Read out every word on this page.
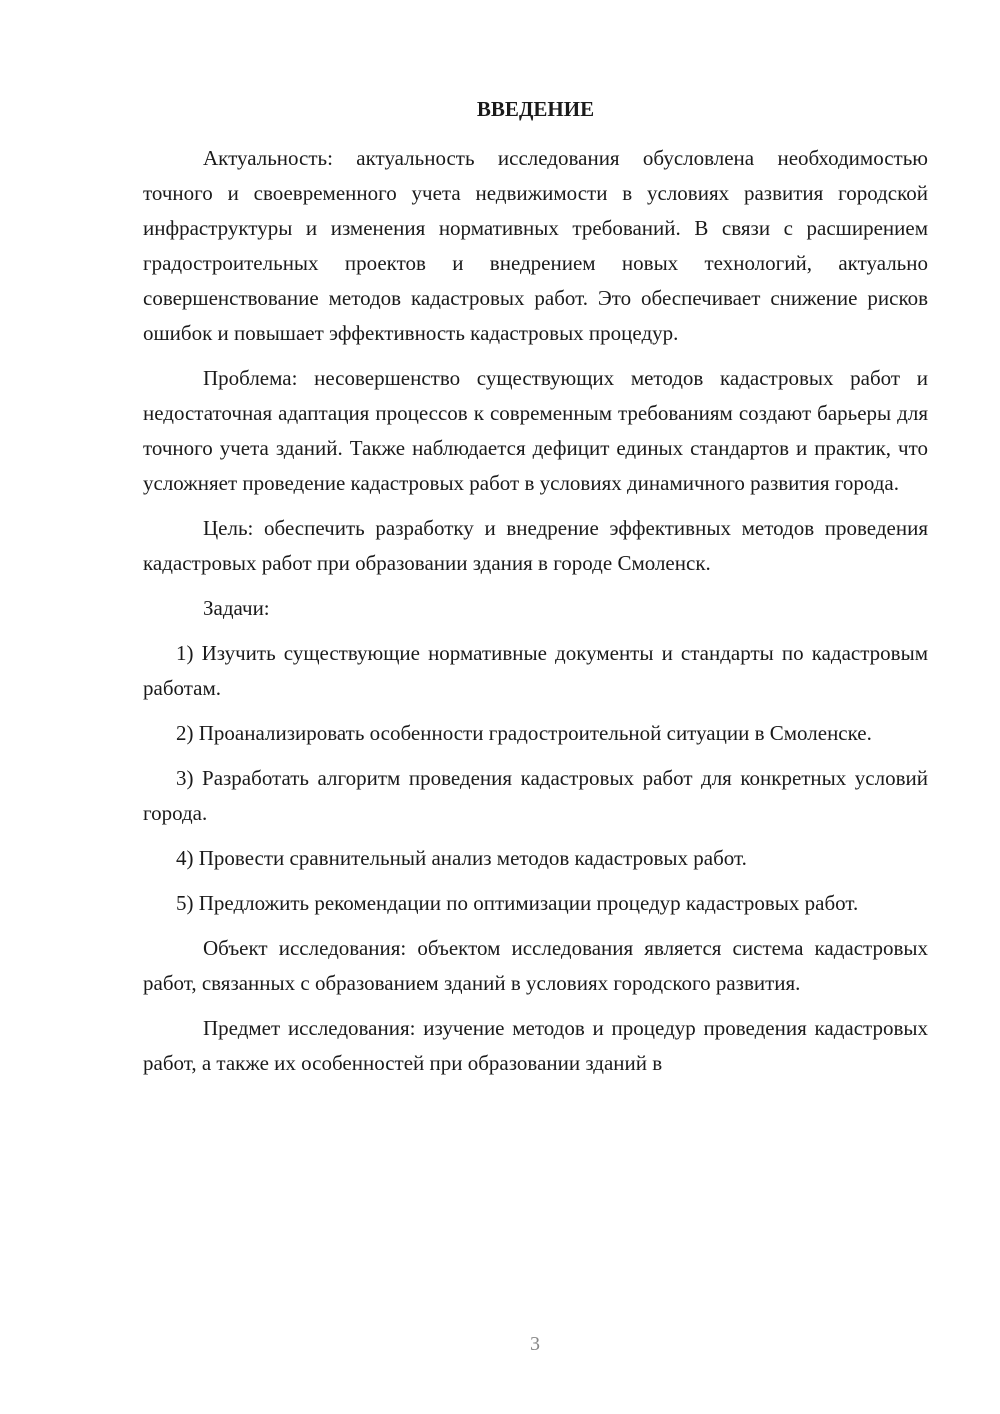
ВВЕДЕНИЕ

Актуальность: актуальность исследования обусловлена необходимостью точного и своевременного учета недвижимости в условиях развития городской инфраструктуры и изменения нормативных требований. В связи с расширением градостроительных проектов и внедрением новых технологий, актуально совершенствование методов кадастровых работ. Это обеспечивает снижение рисков ошибок и повышает эффективность кадастровых процедур.

Проблема: несовершенство существующих методов кадастровых работ и недостаточная адаптация процессов к современным требованиям создают барьеры для точного учета зданий. Также наблюдается дефицит единых стандартов и практик, что усложняет проведение кадастровых работ в условиях динамичного развития города.

Цель: обеспечить разработку и внедрение эффективных методов проведения кадастровых работ при образовании здания в городе Смоленск.

Задачи:

1) Изучить существующие нормативные документы и стандарты по кадастровым работам.

2) Проанализировать особенности градостроительной ситуации в Смоленске.

3) Разработать алгоритм проведения кадастровых работ для конкретных условий города.

4) Провести сравнительный анализ методов кадастровых работ.

5) Предложить рекомендации по оптимизации процедур кадастровых работ.

Объект исследования: объектом исследования является система кадастровых работ, связанных с образованием зданий в условиях городского развития.

Предмет исследования: изучение методов и процедур проведения кадастровых работ, а также их особенностей при образовании зданий в

3
